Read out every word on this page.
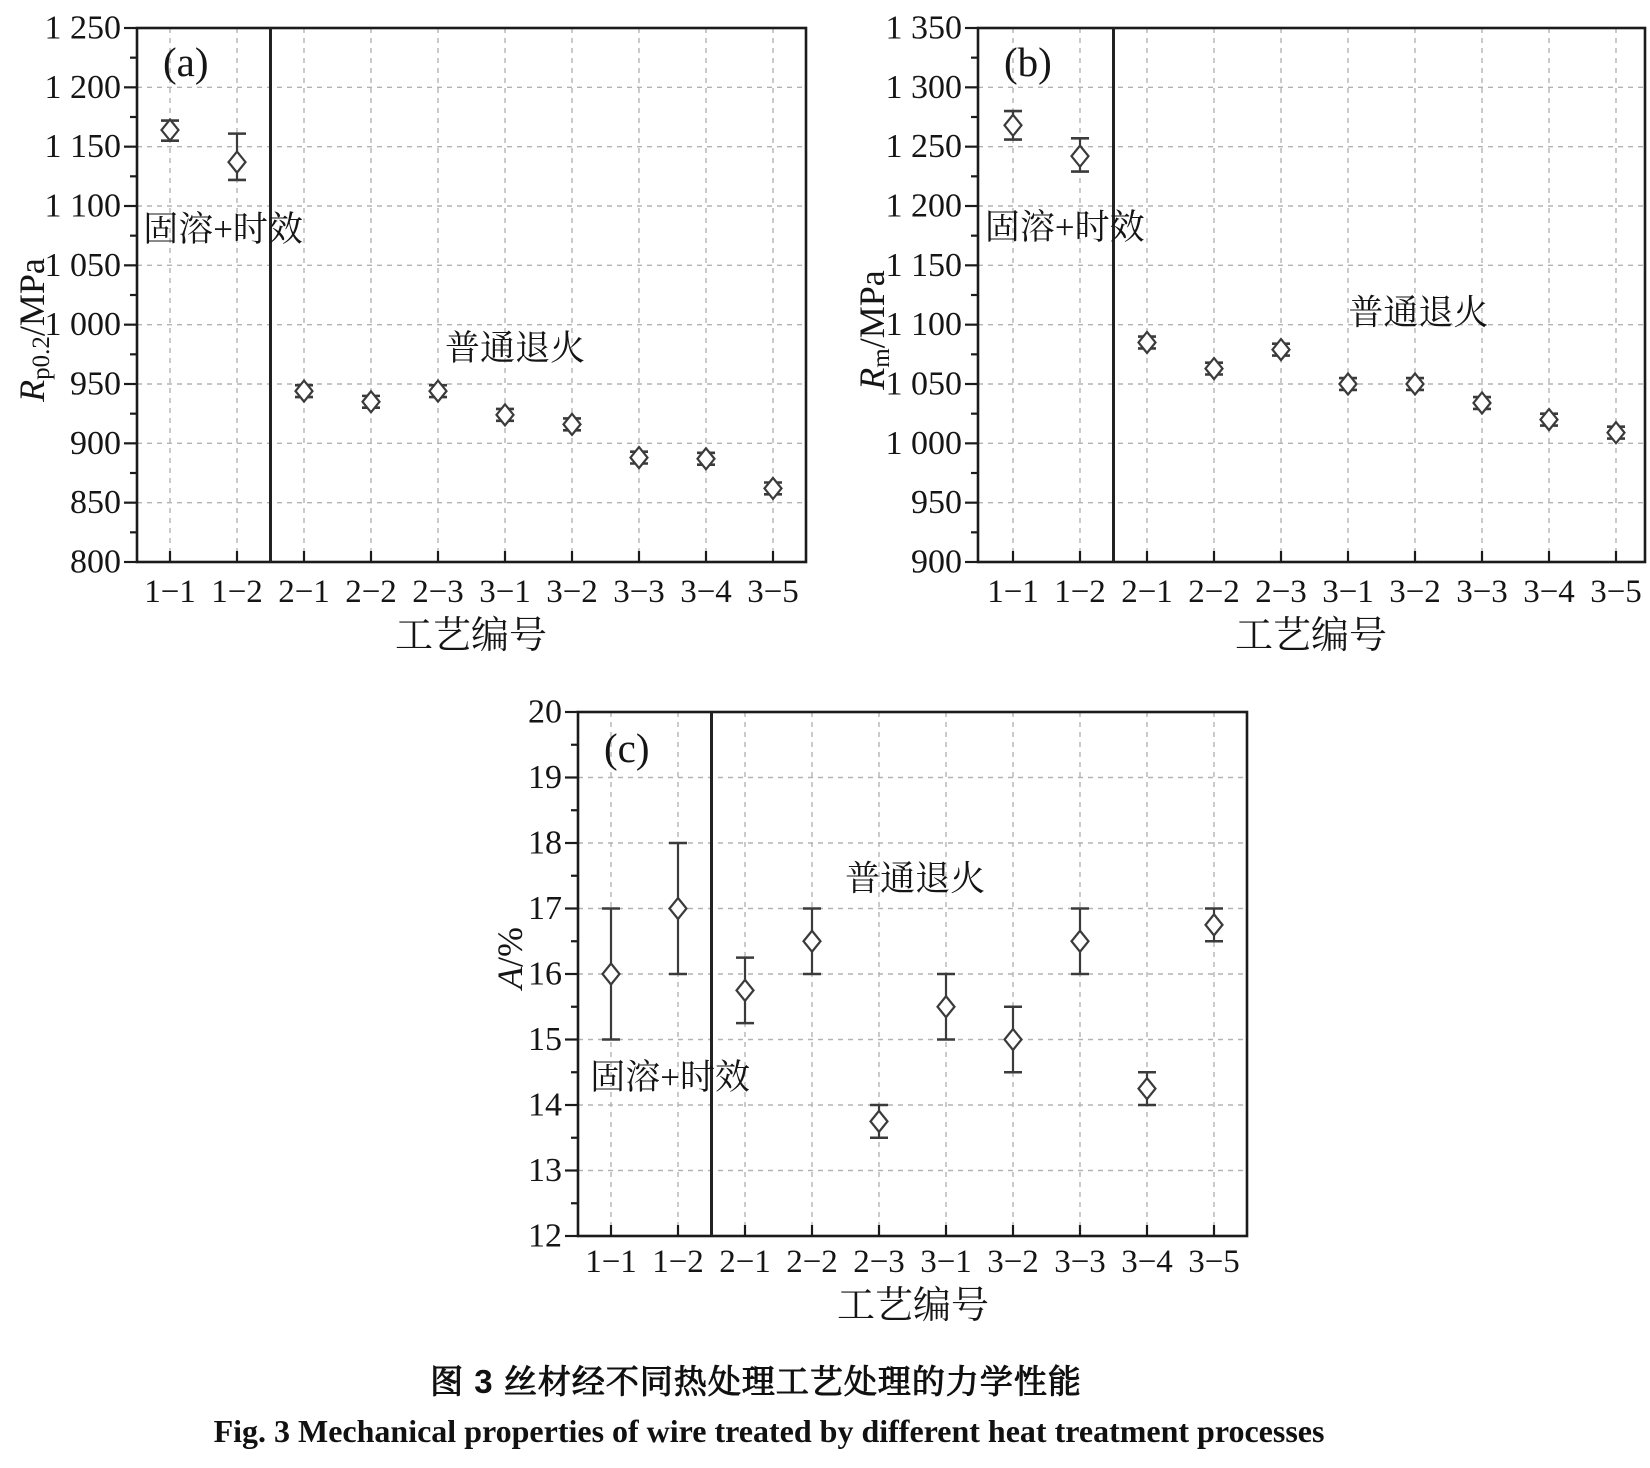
800
850
900
950
1 000
1 050
1 100
1 150
1 200
1 250
1−1 1−2 2−1 2−2 2−3 3−1 3−2 3−3 3−4 3−5
固溶+时效
普通退火
(a)
工艺编号
$R_{p0.2}$/MPa
900
950
1 000
1 050
1 100
1 150
1 200
1 250
1 300
1 350
1−1 1−2 2−1 2−2 2−3 3−1 3−2 3−3 3−4 3−5
固溶+时效
普通退火
(b)
工艺编号
$R_m$/MPa
12
13
14
15
16
17
18
19
20
1−1 1−2 2−1 2−2 2−3 3−1 3−2 3−3 3−4 3−5
固溶+时效
普通退火
(c)
工艺编号
A/%
图 3 丝材经不同热处理工艺处理的力学性能
Fig. 3 Mechanical properties of wire treated by different heat treatment processes
